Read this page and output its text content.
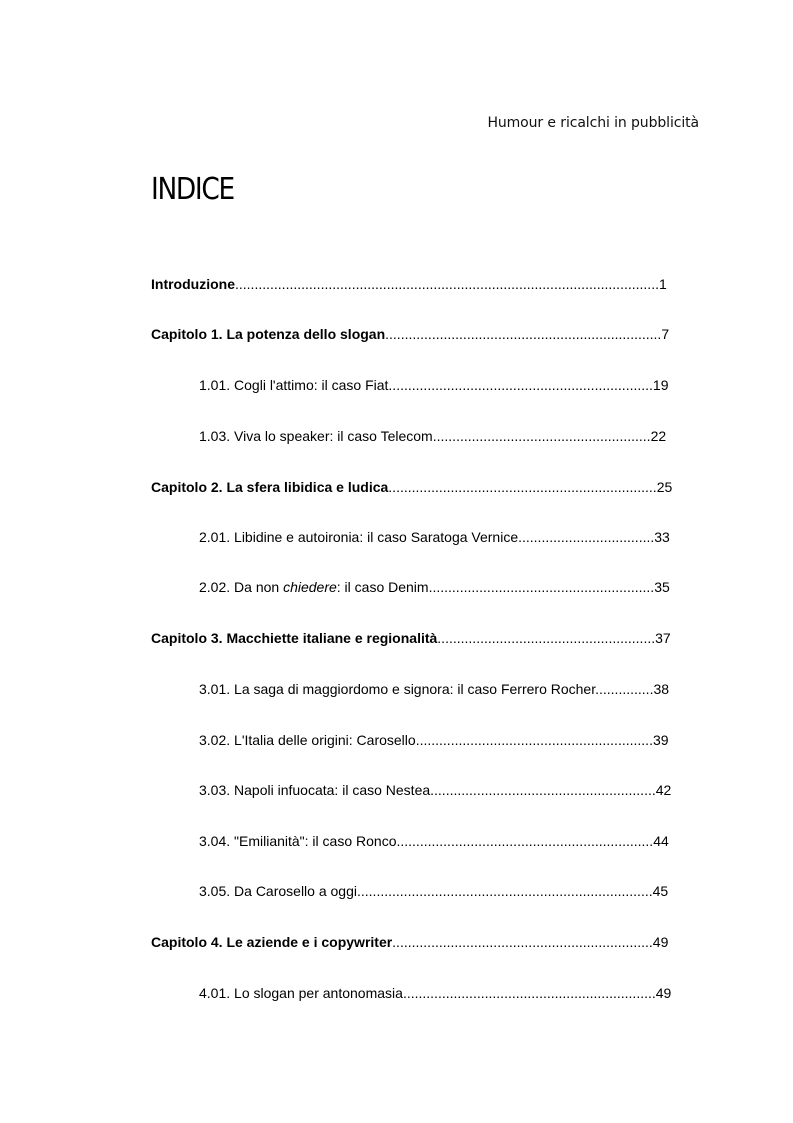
Humour e ricalchi in pubblicità
INDICE
Introduzione.............................................................................................................1
Capitolo 1. La potenza dello slogan.......................................................................7
1.01. Cogli l'attimo: il caso Fiat....................................................................19
1.03. Viva lo speaker: il caso Telecom........................................................22
Capitolo 2. La sfera libidica e ludica.....................................................................25
2.01. Libidine e autoironia: il caso Saratoga Vernice...................................33
2.02. Da non chiedere: il caso Denim..........................................................35
Capitolo 3. Macchiette italiane e regionalità........................................................37
3.01. La saga di maggiordomo e signora: il caso Ferrero Rocher...............38
3.02. L'Italia delle origini: Carosello.............................................................39
3.03. Napoli infuocata: il caso Nestea..........................................................42
3.04. "Emilianità": il caso Ronco..................................................................44
3.05. Da Carosello a oggi............................................................................45
Capitolo 4. Le aziende e i copywriter...................................................................49
4.01. Lo slogan per antonomasia.................................................................49
